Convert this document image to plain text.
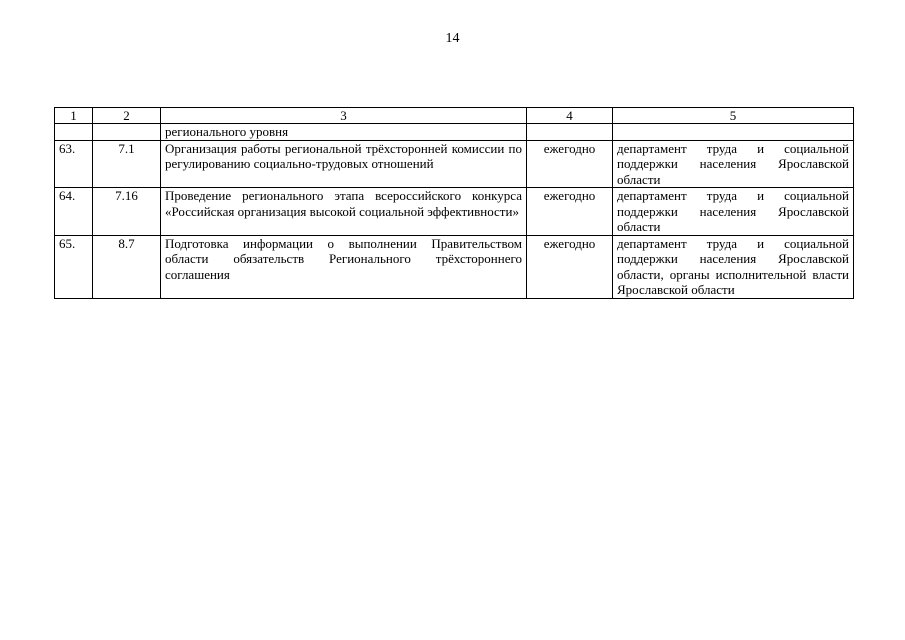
14
1	2	3	4	5
		регионального уровня		
63.	7.1	Организация работы региональной трёхсторонней комиссии по регулированию социально-трудовых отношений	ежегодно	департамент труда и социальной поддержки населения Ярославской области
64.	7.16	Проведение регионального этапа всероссийского конкурса «Российская организация высокой социальной эффективности»	ежегодно	департамент труда и социальной поддержки населения Ярославской области
65.	8.7	Подготовка информации о выполнении Правительством области обязательств Регионального трёхстороннего соглашения	ежегодно	департамент труда и социальной поддержки населения Ярославской области, органы исполнительной власти Ярославской области
